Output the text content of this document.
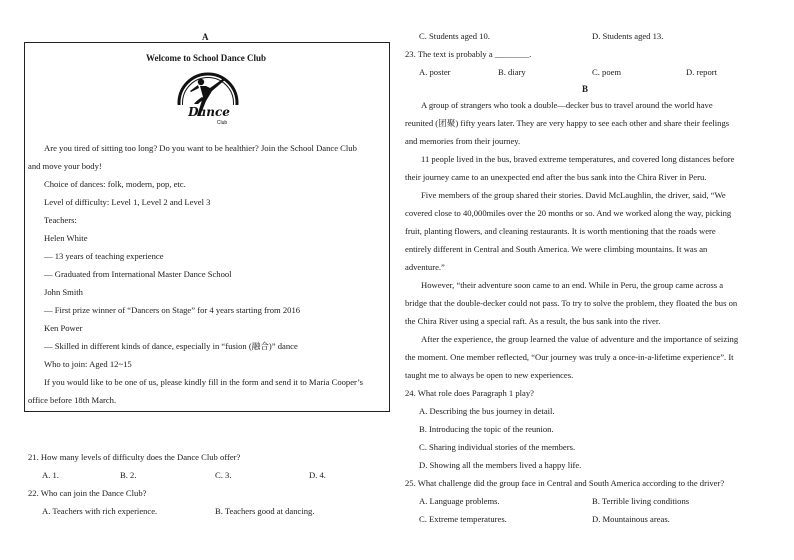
A
Welcome to School Dance Club
Dance
Club
Are you tired of sitting too long? Do you want to be healthier? Join the School Dance Club
and move your body!
Choice of dances: folk, modern, pop, etc.
Level of difficulty: Level 1, Level 2 and Level 3
Teachers:
Helen White
— 13 years of teaching experience
— Graduated from International Master Dance School
John Smith
— First prize winner of “Dancers on Stage” for 4 years starting from 2016
Ken Power
— Skilled in different kinds of dance, especially in “fusion (融合)” dance
Who to join: Aged 12~15
If you would like to be one of us, please kindly fill in the form and send it to Maria Cooper’s
office before 18th March.
21. How many levels of difficulty does the Dance Club offer?
A. 1.	B. 2.	C. 3.	D. 4.
22. Who can join the Dance Club?
A. Teachers with rich experience.	B. Teachers good at dancing.
C. Students aged 10.	D. Students aged 13.
23. The text is probably a ________.
A. poster	B. diary	C. poem	D. report
B
A group of strangers who took a double—decker bus to travel around the world have
reunited (团聚) fifty years later. They are very happy to see each other and share their feelings
and memories from their journey.
11 people lived in the bus, braved extreme temperatures, and covered long distances before
their journey came to an unexpected end after the bus sank into the Chira River in Peru.
Five members of the group shared their stories. David McLaughlin, the driver, said, “We
covered close to 40,000miles over the 20 months or so. And we worked along the way, picking
fruit, planting flowers, and cleaning restaurants. It is worth mentioning that the roads were
entirely different in Central and South America. We were climbing mountains. It was an
adventure.”
However, “their adventure soon came to an end. While in Peru, the group came across a
bridge that the double-decker could not pass. To try to solve the problem, they floated the bus on
the Chira River using a special raft. As a result, the bus sank into the river.
After the experience, the group learned the value of adventure and the importance of seizing
the moment. One member reflected, “Our journey was truly a once-in-a-lifetime experience”. It
taught me to always be open to new experiences.
24. What role does Paragraph 1 play?
A. Describing the bus journey in detail.
B. Introducing the topic of the reunion.
C. Sharing individual stories of the members.
D. Showing all the members lived a happy life.
25. What challenge did the group face in Central and South America according to the driver?
A. Language problems.	B. Terrible living conditions
C. Extreme temperatures.	D. Mountainous areas.
